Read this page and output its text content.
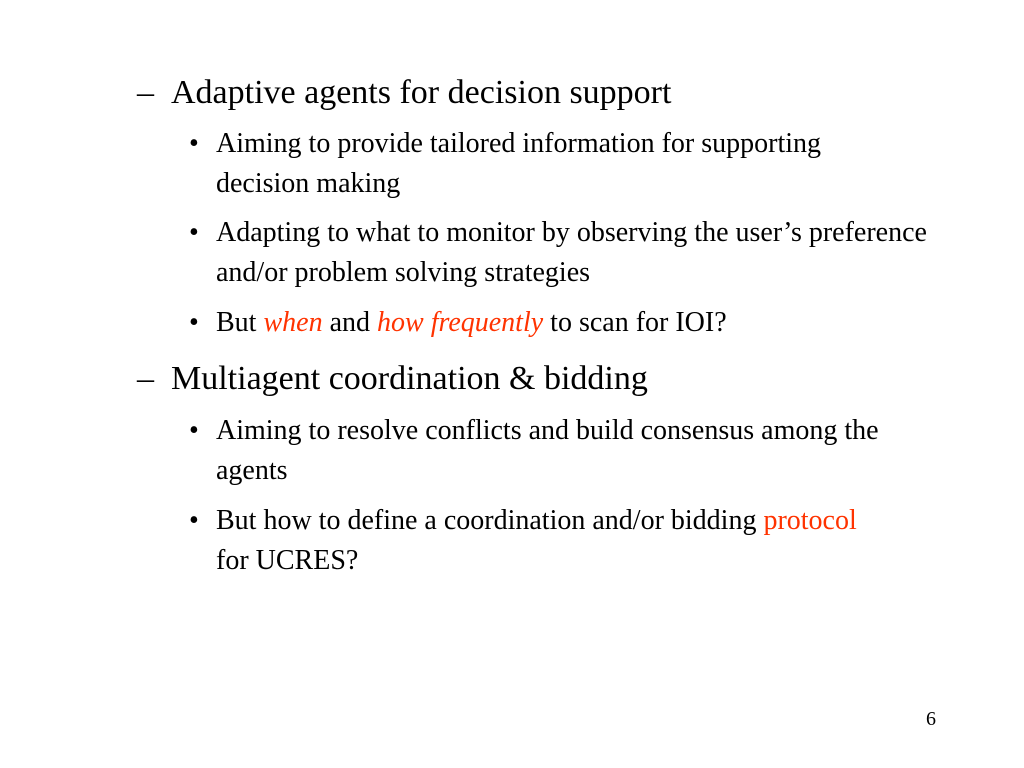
– Adaptive agents for decision support
• Aiming to provide tailored information for supporting decision making
• Adapting to what to monitor by observing the user’s preference and/or problem solving strategies
• But when and how frequently to scan for IOI?
– Multiagent coordination & bidding
• Aiming to resolve conflicts and build consensus among the agents
• But how to define a coordination and/or bidding protocol for UCRES?
6
